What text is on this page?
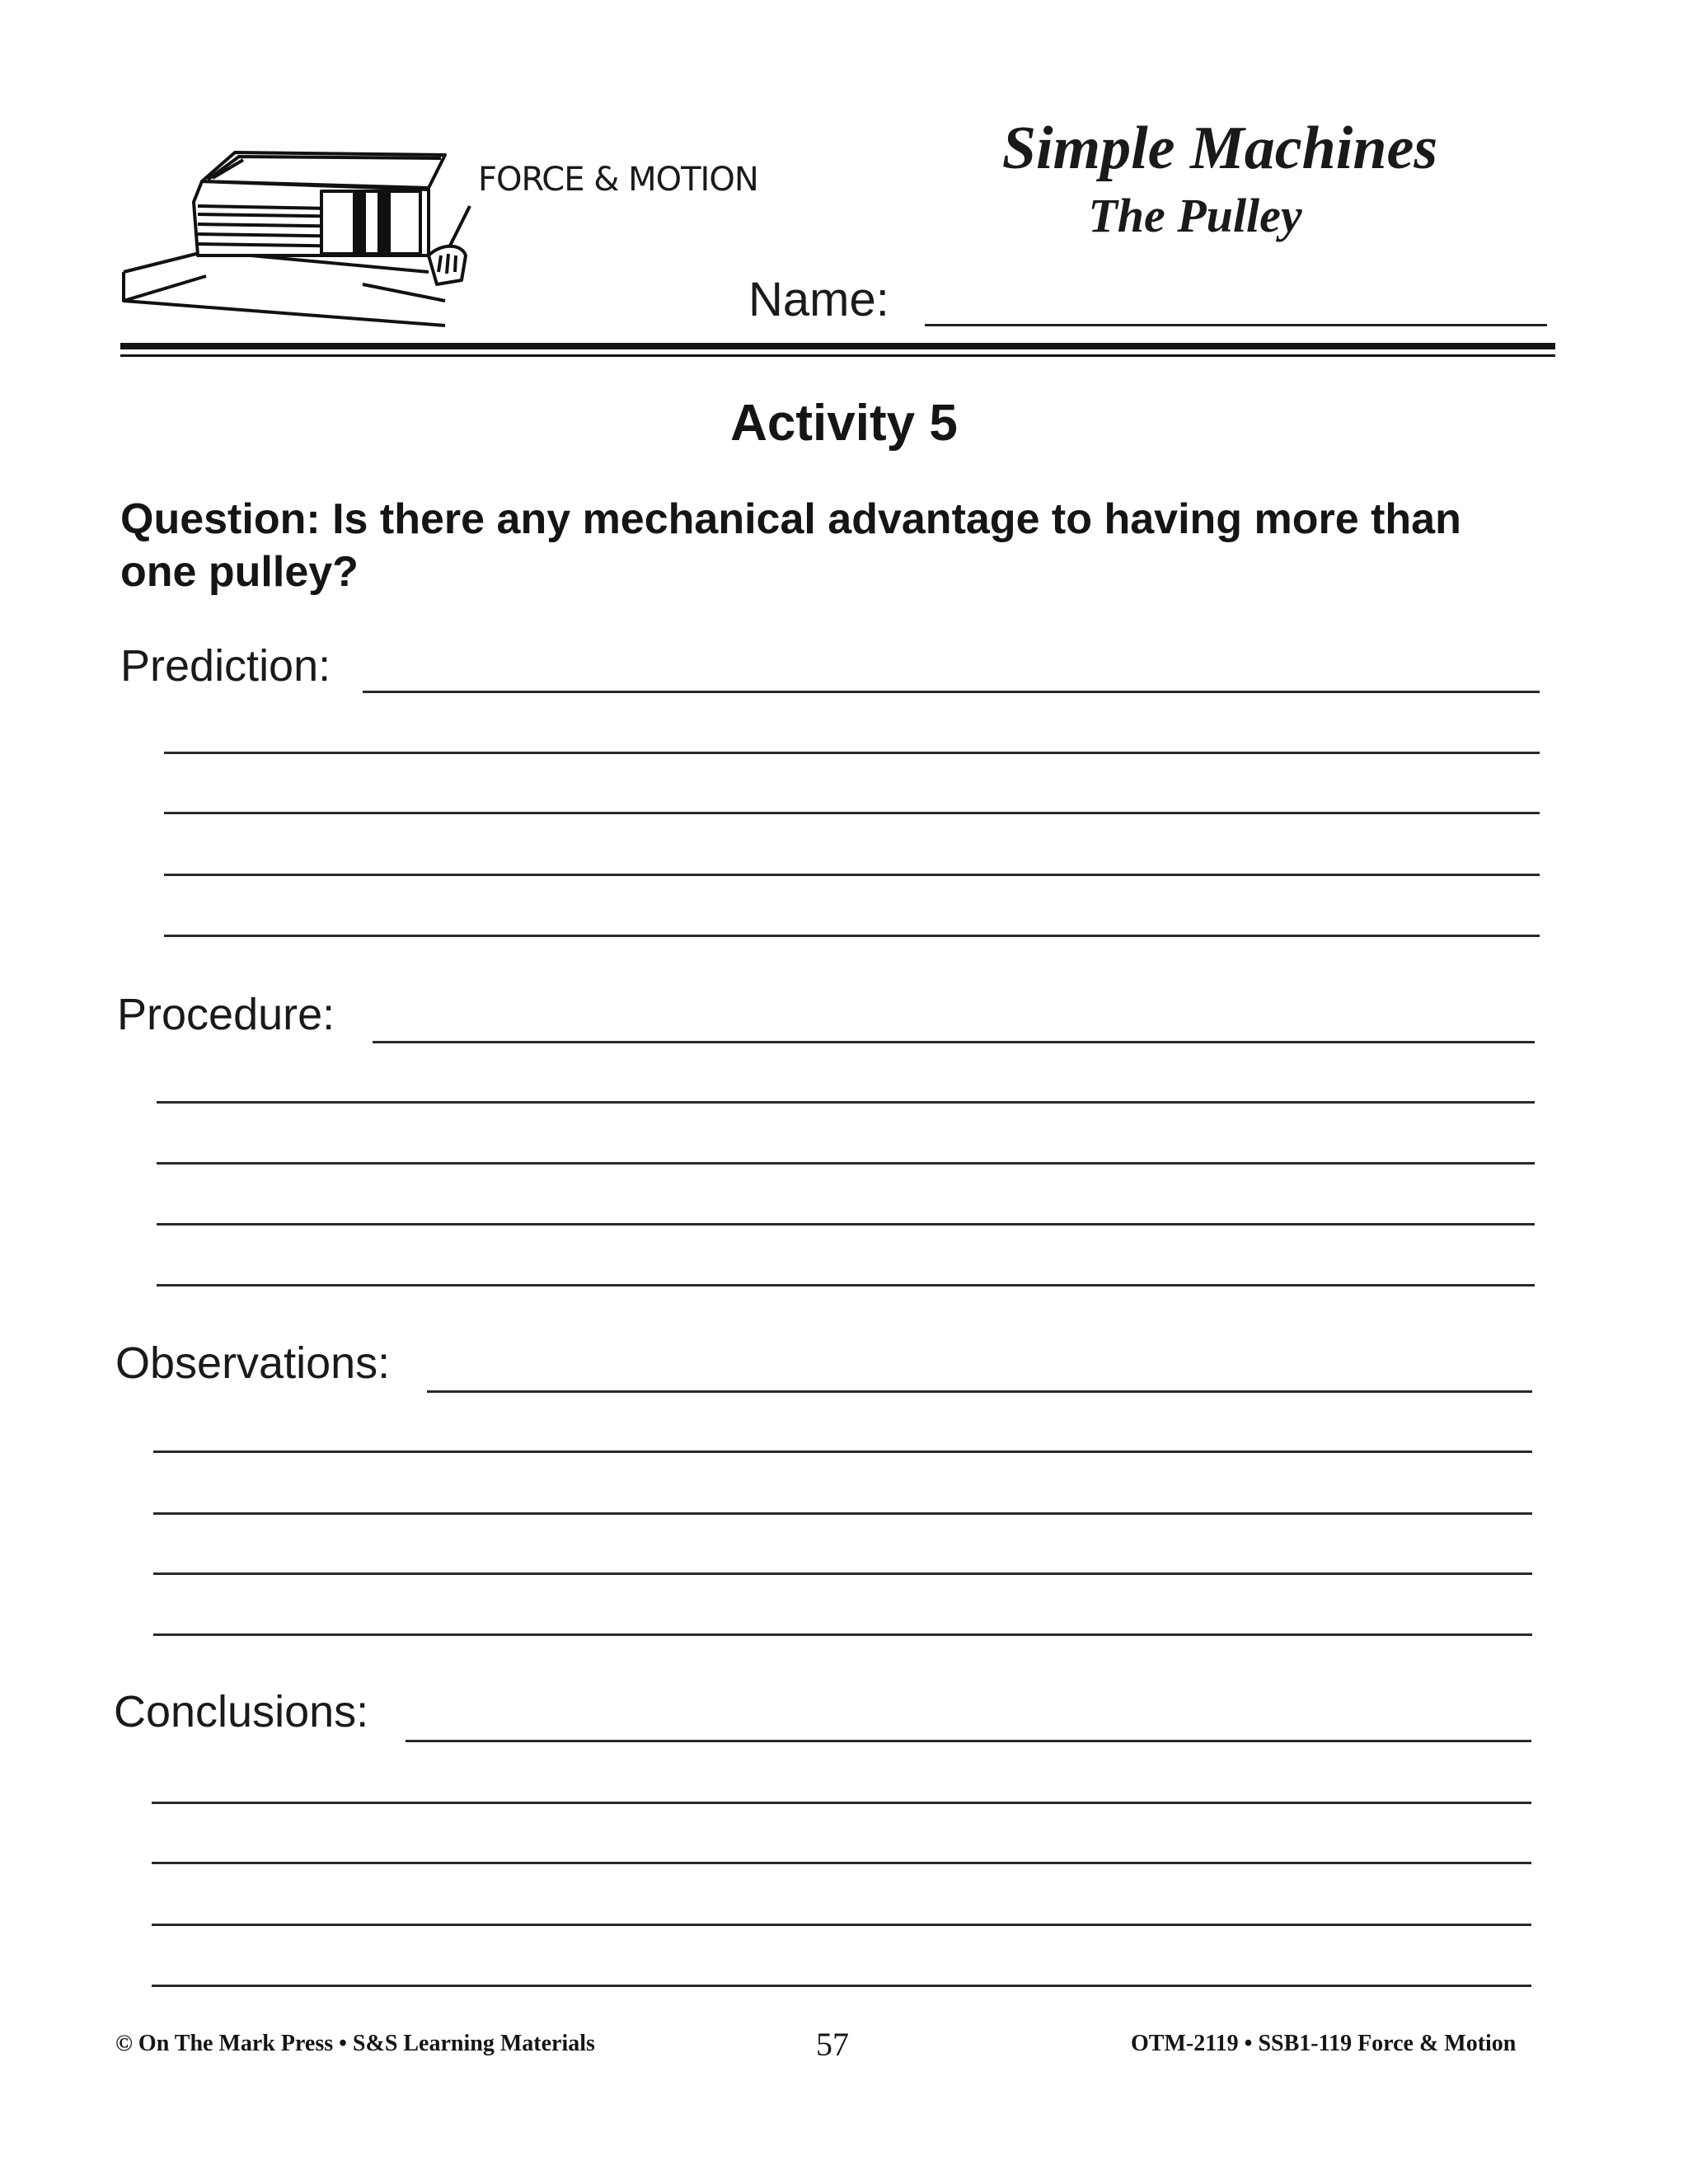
FORCE & MOTION	Simple Machines
The Pulley
Name:
Activity 5
Question: Is there any mechanical advantage to having more than one pulley?
Prediction:
Procedure:
Observations:
Conclusions:
© On The Mark Press • S&S Learning Materials	57	OTM-2119 • SSB1-119 Force & Motion
